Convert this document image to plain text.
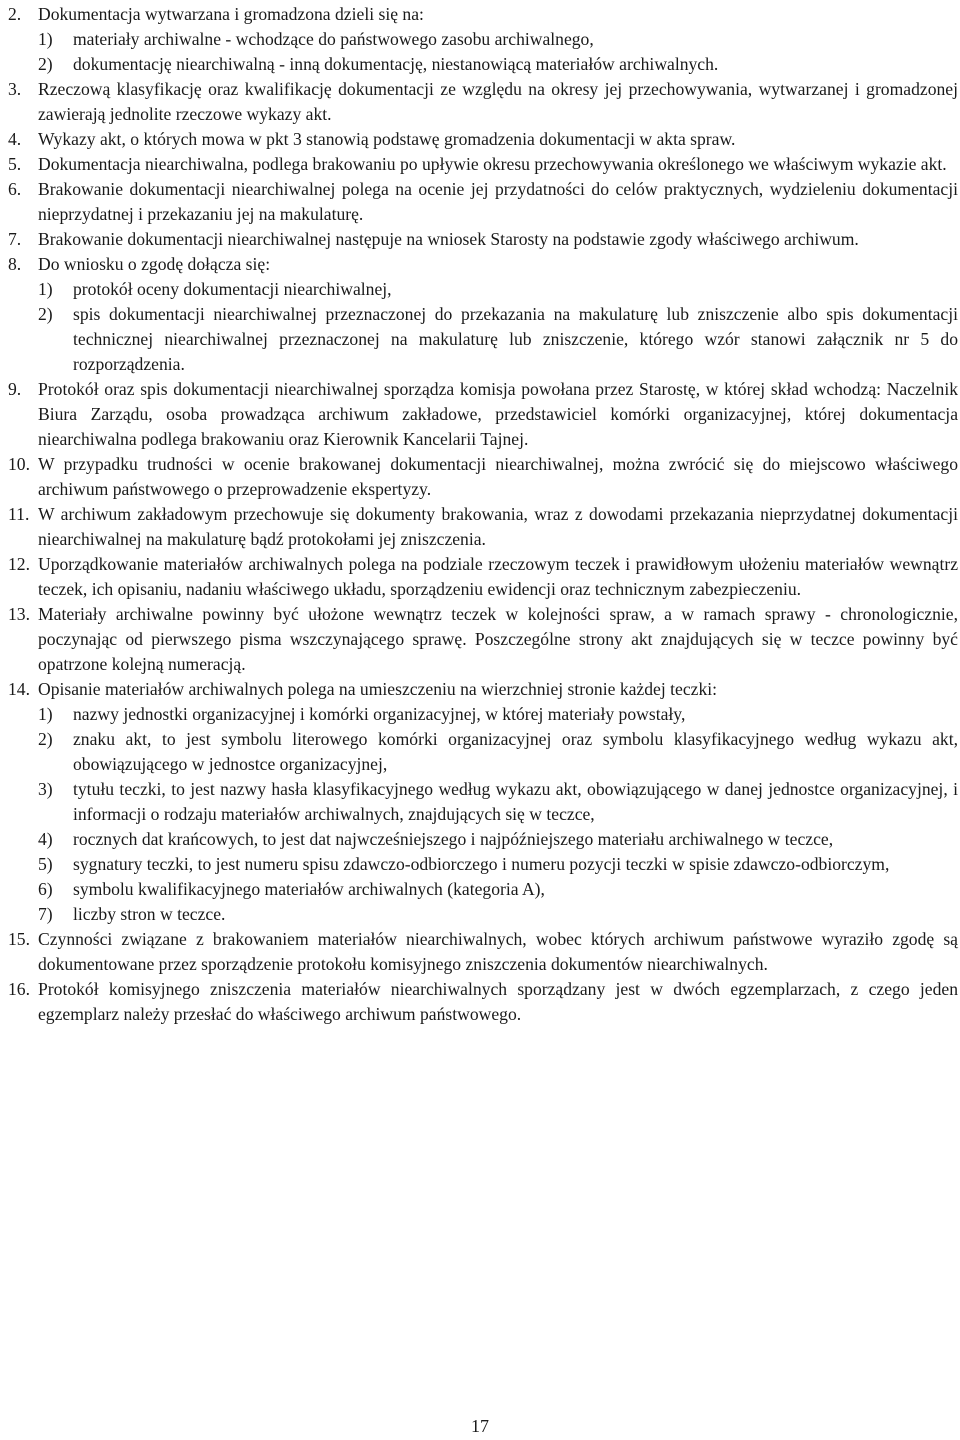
2. Dokumentacja wytwarzana i gromadzona dzieli się na:
1) materiały archiwalne - wchodzące do państwowego zasobu archiwalnego,
2) dokumentację niearchiwalną - inną dokumentację, niestanowiącą materiałów archiwalnych.
3. Rzeczową klasyfikację oraz kwalifikację dokumentacji ze względu na okresy jej przechowywania, wytwarzanej i gromadzonej zawierają jednolite rzeczowe wykazy akt.
4. Wykazy akt, o których mowa w pkt 3 stanowią podstawę gromadzenia dokumentacji w akta spraw.
5. Dokumentacja niearchiwalna, podlega brakowaniu po upływie okresu przechowywania określonego we właściwym wykazie akt.
6. Brakowanie dokumentacji niearchiwalnej polega na ocenie jej przydatności do celów praktycznych, wydzieleniu dokumentacji nieprzydatnej i przekazaniu jej na makulaturę.
7. Brakowanie dokumentacji niearchiwalnej następuje na wniosek Starosty na podstawie zgody właściwego archiwum.
8. Do wniosku o zgodę dołącza się:
1) protokół oceny dokumentacji niearchiwalnej,
2) spis dokumentacji niearchiwalnej przeznaczonej do przekazania na makulaturę lub zniszczenie albo spis dokumentacji technicznej niearchiwalnej przeznaczonej na makulaturę lub zniszczenie, którego wzór stanowi załącznik nr 5 do rozporządzenia.
9. Protokół oraz spis dokumentacji niearchiwalnej sporządza komisja powołana przez Starostę, w której skład wchodzą: Naczelnik Biura Zarządu, osoba prowadząca archiwum zakładowe, przedstawiciel komórki organizacyjnej, której dokumentacja niearchiwalna podlega brakowaniu oraz Kierownik Kancelarii Tajnej.
10. W przypadku trudności w ocenie brakowanej dokumentacji niearchiwalnej, można zwrócić się do miejscowo właściwego archiwum państwowego o przeprowadzenie ekspertyzy.
11. W archiwum zakładowym przechowuje się dokumenty brakowania, wraz z dowodami przekazania nieprzydatnej dokumentacji niearchiwalnej na makulaturę bądź protokołami jej zniszczenia.
12. Uporządkowanie materiałów archiwalnych polega na podziale rzeczowym teczek i prawidłowym ułożeniu materiałów wewnątrz teczek, ich opisaniu, nadaniu właściwego układu, sporządzeniu ewidencji oraz technicznym zabezpieczeniu.
13. Materiały archiwalne powinny być ułożone wewnątrz teczek w kolejności spraw, a w ramach sprawy - chronologicznie, poczynając od pierwszego pisma wszczynającego sprawę. Poszczególne strony akt znajdujących się w teczce powinny być opatrzone kolejną numeracją.
14. Opisanie materiałów archiwalnych polega na umieszczeniu na wierzchniej stronie każdej teczki:
1) nazwy jednostki organizacyjnej i komórki organizacyjnej, w której materiały powstały,
2) znaku akt, to jest symbolu literowego komórki organizacyjnej oraz symbolu klasyfikacyjnego według wykazu akt, obowiązującego w jednostce organizacyjnej,
3) tytułu teczki, to jest nazwy hasła klasyfikacyjnego według wykazu akt, obowiązującego w danej jednostce organizacyjnej, i informacji o rodzaju materiałów archiwalnych, znajdujących się w teczce,
4) rocznych dat krańcowych, to jest dat najwcześniejszego i najpóźniejszego materiału archiwalnego w teczce,
5) sygnatury teczki, to jest numeru spisu zdawczo-odbiorczego i numeru pozycji teczki w spisie zdawczo-odbiorczym,
6) symbolu kwalifikacyjnego materiałów archiwalnych (kategoria A),
7) liczby stron w teczce.
15. Czynności związane z brakowaniem materiałów niearchiwalnych, wobec których archiwum państwowe wyraziło zgodę są dokumentowane przez sporządzenie protokołu komisyjnego zniszczenia dokumentów niearchiwalnych.
16. Protokół komisyjnego zniszczenia materiałów niearchiwalnych sporządzany jest w dwóch egzemplarzach, z czego jeden egzemplarz należy przesłać do właściwego archiwum państwowego.
17
